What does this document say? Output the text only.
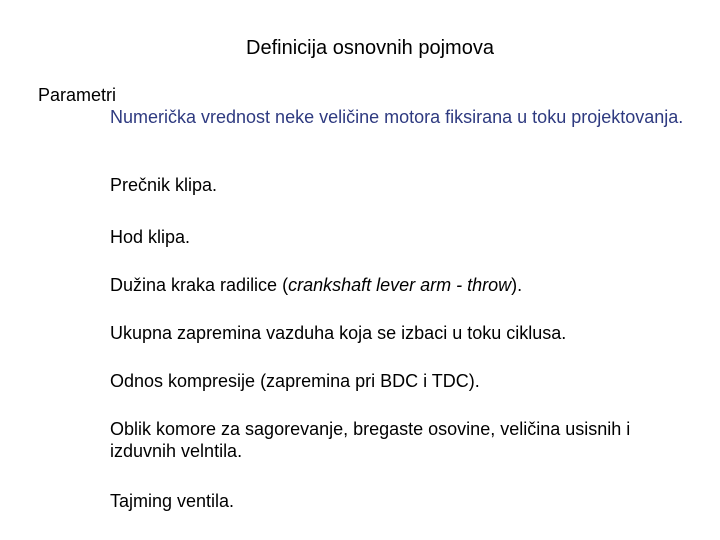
Definicija osnovnih pojmova
Parametri
Numerička vrednost neke veličine motora fiksirana u toku projektovanja.
Prečnik klipa.
Hod klipa.
Dužina kraka radilice (crankshaft lever arm - throw).
Ukupna zapremina vazduha koja se izbaci u toku ciklusa.
Odnos kompresije (zapremina pri BDC i TDC).
Oblik komore za sagorevanje, bregaste osovine, veličina usisnih i izduvnih velntila.
Tajming ventila.
